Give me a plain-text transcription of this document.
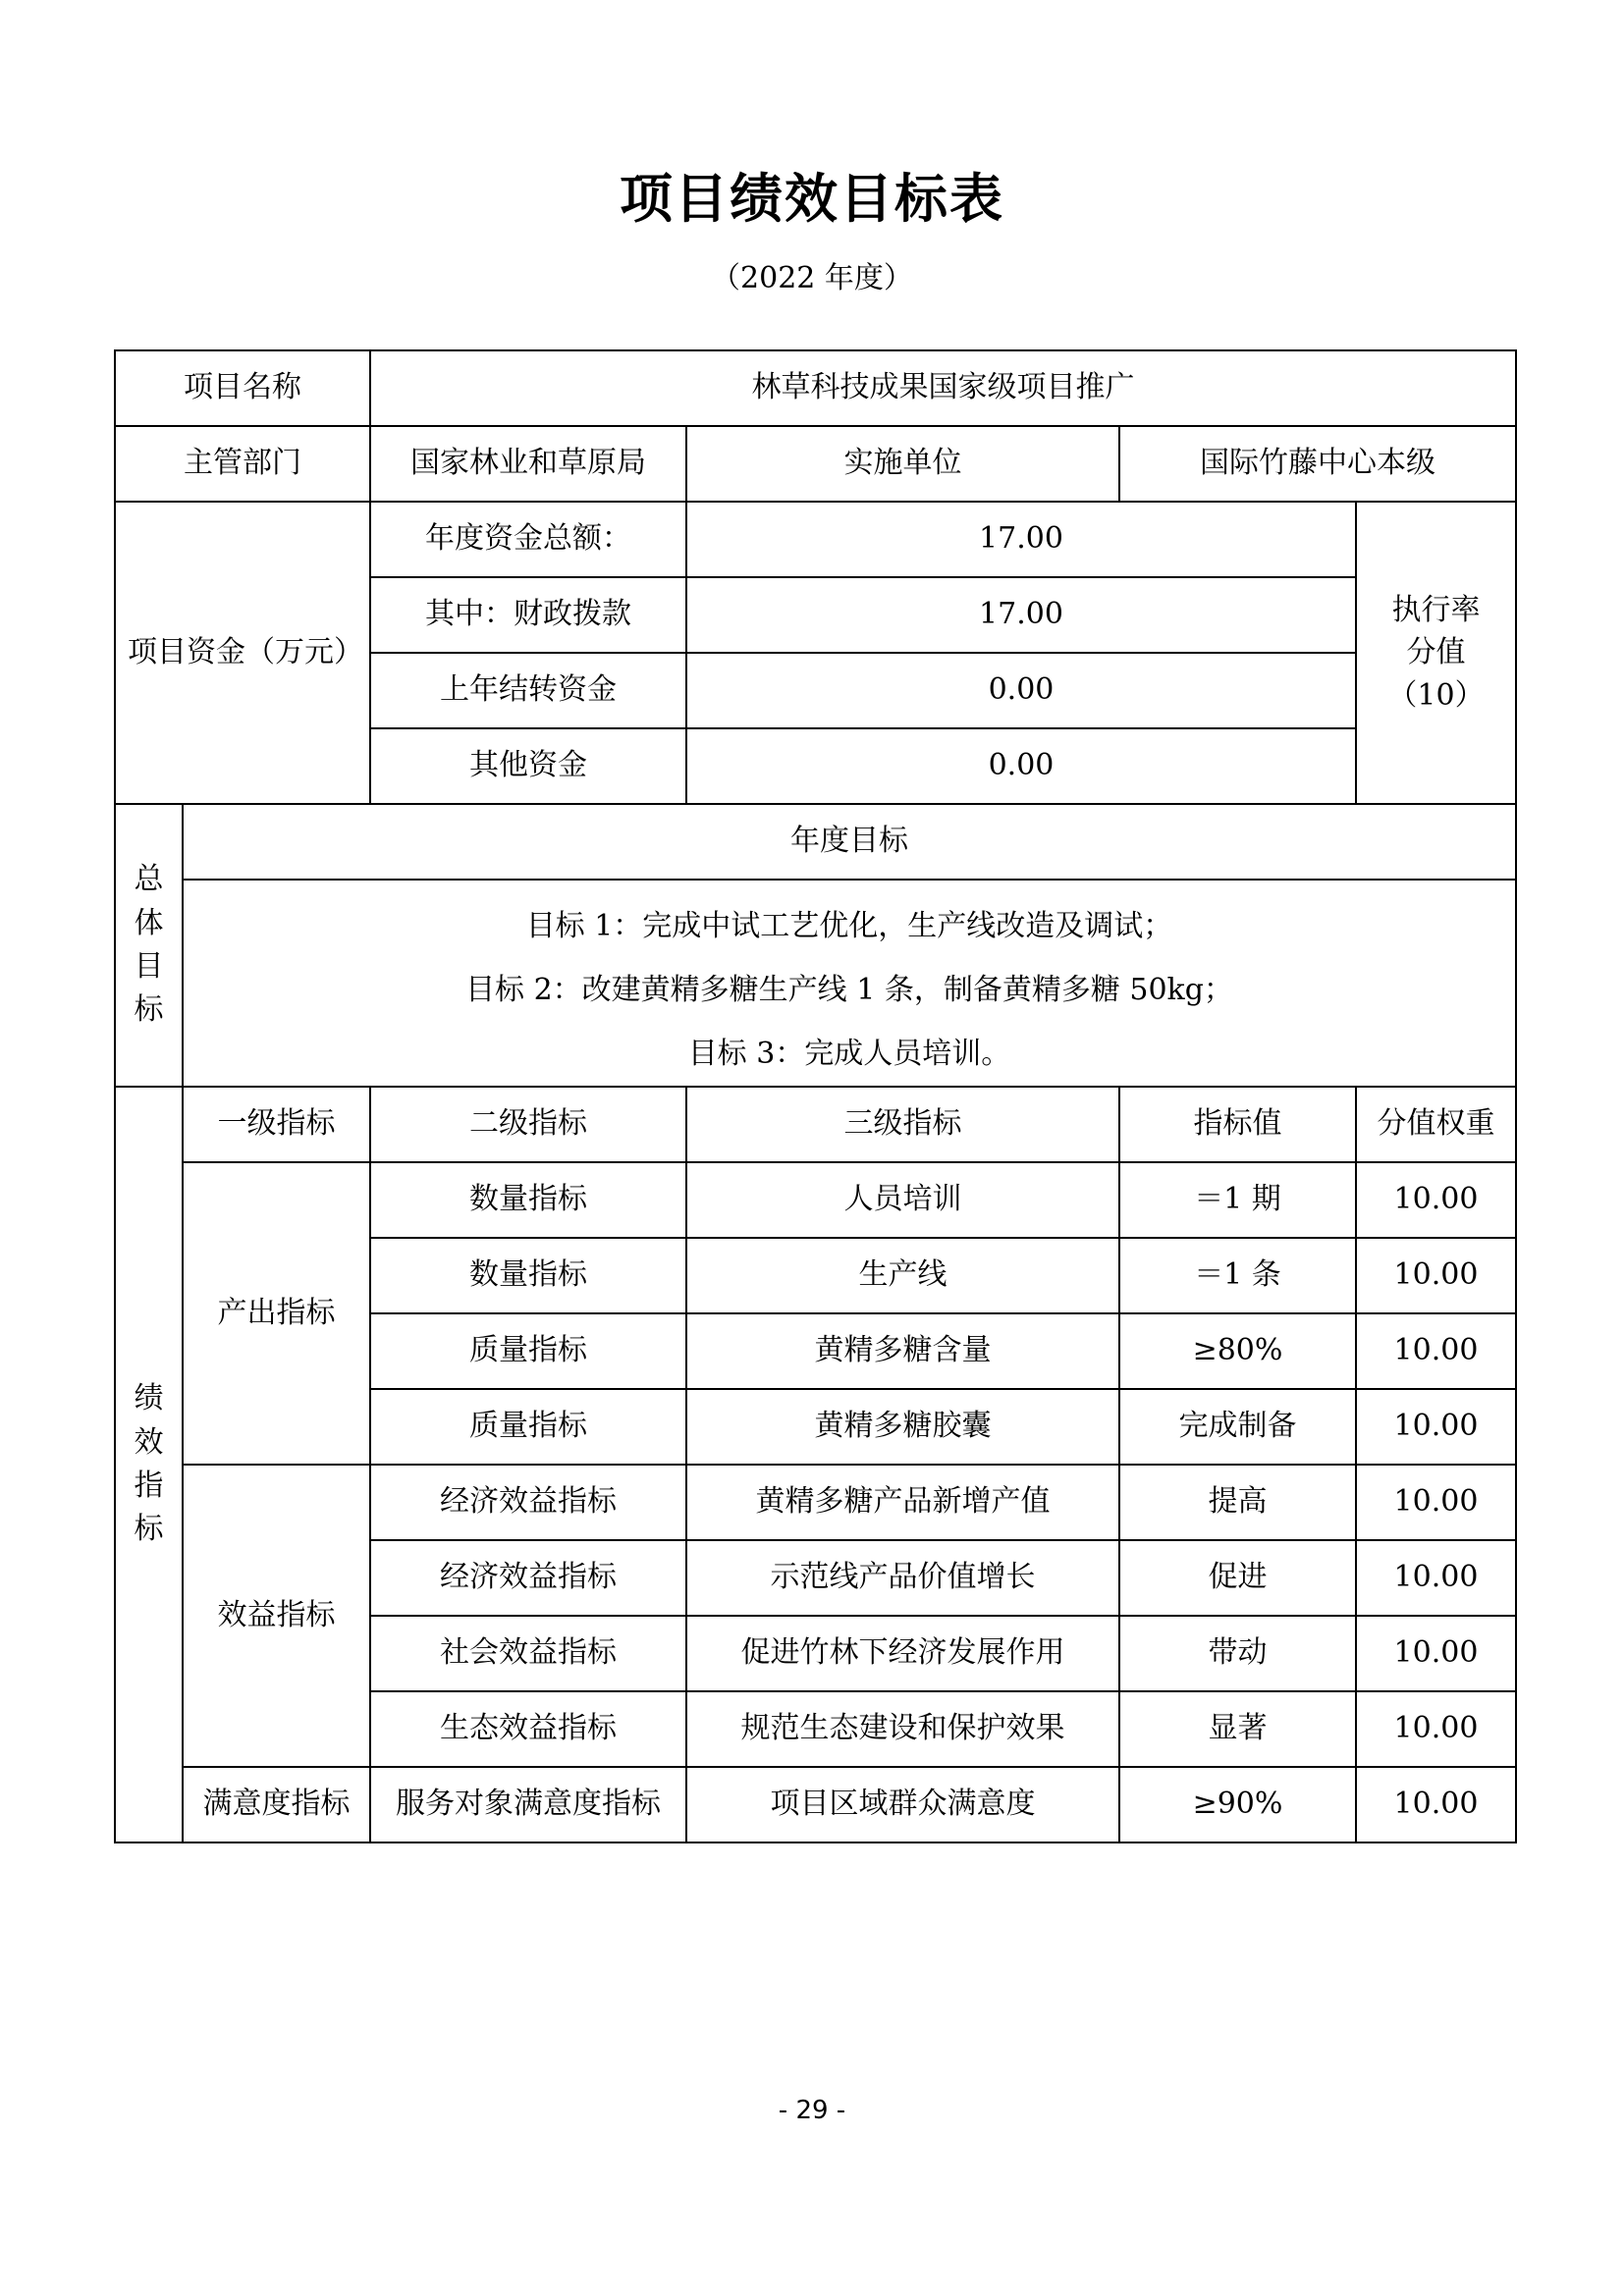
项目绩效目标表
（2022 年度）
项目名称		林草科技成果国家级项目推广			
主管部门		国家林业和草原局	实施单位	国际竹藤中心本级	
项目资金（万元）		年度资金总额：	17.00		执行率
分值
（10）

		其中：财政拨款	17.00		
		上年结转资金	0.00		
		其他资金	0.00		

总
体
目
标	年度目标				

	目标 1：完成中试工艺优化，生产线改造及调试；
目标 2：改建黄精多糖生产线 1 条，制备黄精多糖 50kg；
目标 3：完成人员培训。				

绩
效
指
标	一级指标	二级指标	三级指标	指标值	分值权重
	产出指标	数量指标	人员培训	＝1 期	10.00
		数量指标	生产线	＝1 条	10.00
		质量指标	黄精多糖含量	≥80%	10.00
		质量指标	黄精多糖胶囊	完成制备	10.00
	效益指标	经济效益指标	黄精多糖产品新增产值	提高	10.00
		经济效益指标	示范线产品价值增长	促进	10.00
		社会效益指标	促进竹林下经济发展作用	带动	10.00
		生态效益指标	规范生态建设和保护效果	显著	10.00
	满意度指标	服务对象满意度指标	项目区域群众满意度	≥90%	10.00
- 29 -
